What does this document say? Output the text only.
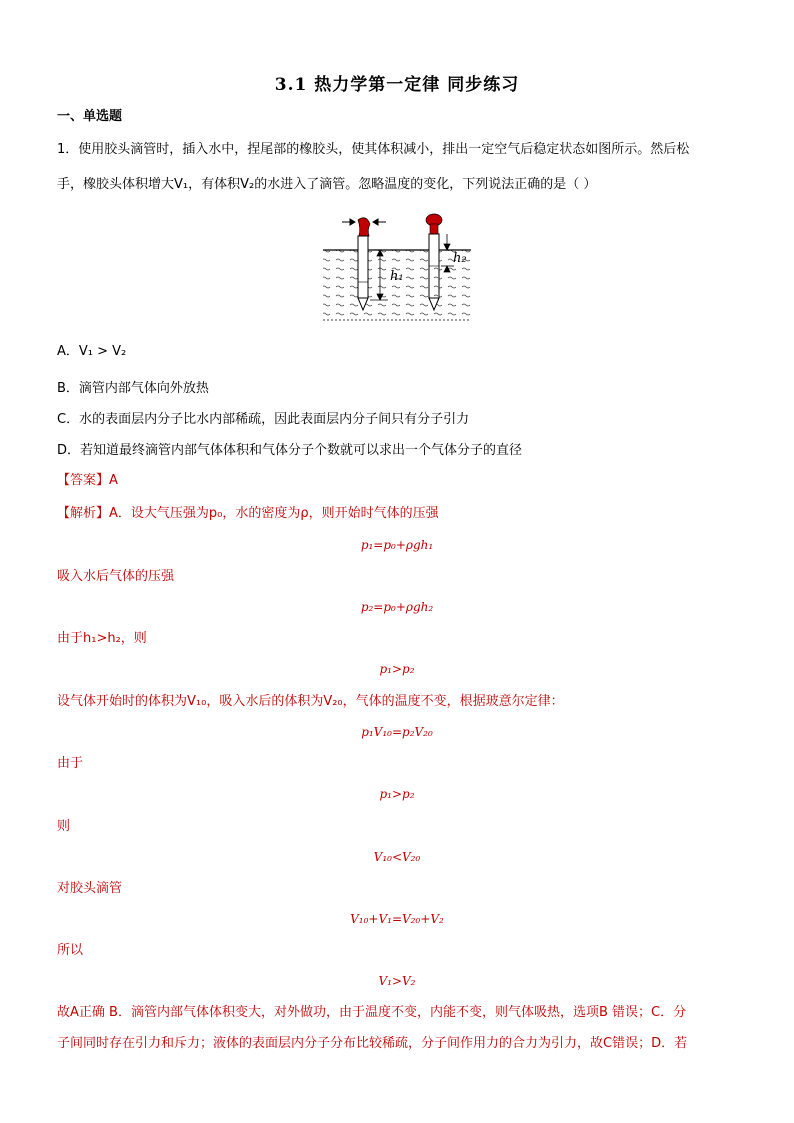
3.1 热力学第一定律 同步练习
一、单选题
1．使用胶头滴管时，插入水中，捏尾部的橡胶头，使其体积减小，排出一定空气后稳定状态如图所示。然后松
手，橡胶头体积增大V₁，有体积V₂的水进入了滴管。忽略温度的变化，下列说法正确的是（ ）
h₁
h₂
A．V₁ > V₂
B．滴管内部气体向外放热
C．水的表面层内分子比水内部稀疏，因此表面层内分子间只有分子引力
D．若知道最终滴管内部气体体积和气体分子个数就可以求出一个气体分子的直径
【答案】A
【解析】A．设大气压强为p₀，水的密度为ρ，则开始时气体的压强
p₁=p₀+ρgh₁
吸入水后气体的压强
p₂=p₀+ρgh₂
由于h₁>h₂，则
p₁>p₂
设气体开始时的体积为V₁₀，吸入水后的体积为V₂₀，气体的温度不变，根据玻意尔定律：
p₁V₁₀=p₂V₂₀
由于
p₁>p₂
则
V₁₀<V₂₀
对胶头滴管
V₁₀+V₁=V₂₀+V₂
所以
V₁>V₂
故A正确 B．滴管内部气体体积变大，对外做功，由于温度不变，内能不变，则气体吸热，选项B 错误；C．分
子间同时存在引力和斥力；液体的表面层内分子分布比较稀疏，分子间作用力的合力为引力，故C错误；D．若
